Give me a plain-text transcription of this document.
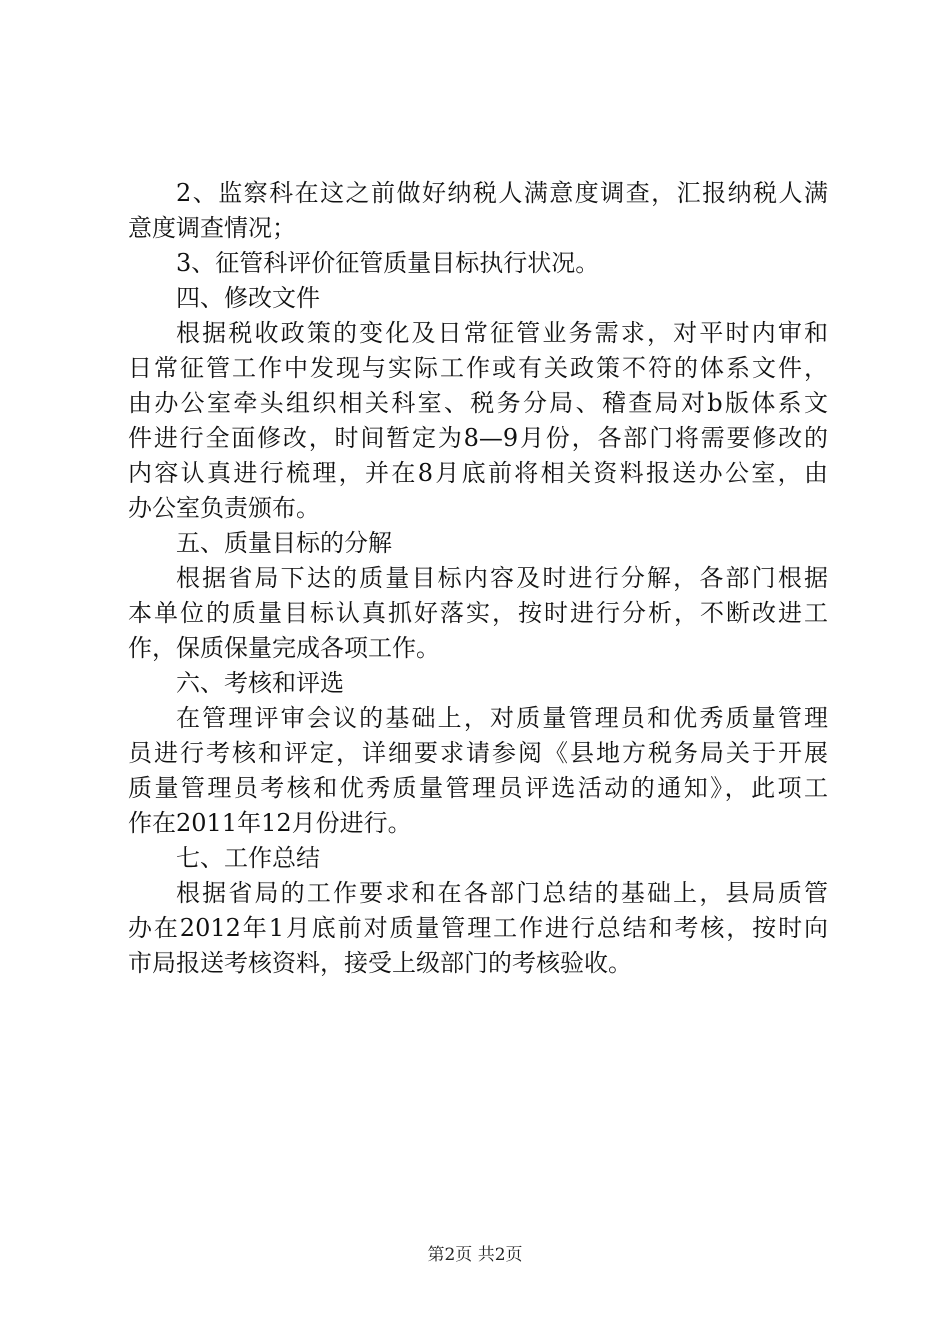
2、监察科在这之前做好纳税人满意度调查，汇报纳税人满
意度调查情况；
3、征管科评价征管质量目标执行状况。
四、修改文件
根据税收政策的变化及日常征管业务需求，对平时内审和
日常征管工作中发现与实际工作或有关政策不符的体系文件，
由办公室牵头组织相关科室、税务分局、稽查局对b版体系文
件进行全面修改，时间暂定为8—9月份，各部门将需要修改的
内容认真进行梳理，并在8月底前将相关资料报送办公室，由
办公室负责颁布。
五、质量目标的分解
根据省局下达的质量目标内容及时进行分解，各部门根据
本单位的质量目标认真抓好落实，按时进行分析，不断改进工
作，保质保量完成各项工作。
六、考核和评选
在管理评审会议的基础上，对质量管理员和优秀质量管理
员进行考核和评定，详细要求请参阅《县地方税务局关于开展
质量管理员考核和优秀质量管理员评选活动的通知》，此项工
作在2011年12月份进行。
七、工作总结
根据省局的工作要求和在各部门总结的基础上，县局质管
办在2012年1月底前对质量管理工作进行总结和考核，按时向
市局报送考核资料，接受上级部门的考核验收。
第2页 共2页
